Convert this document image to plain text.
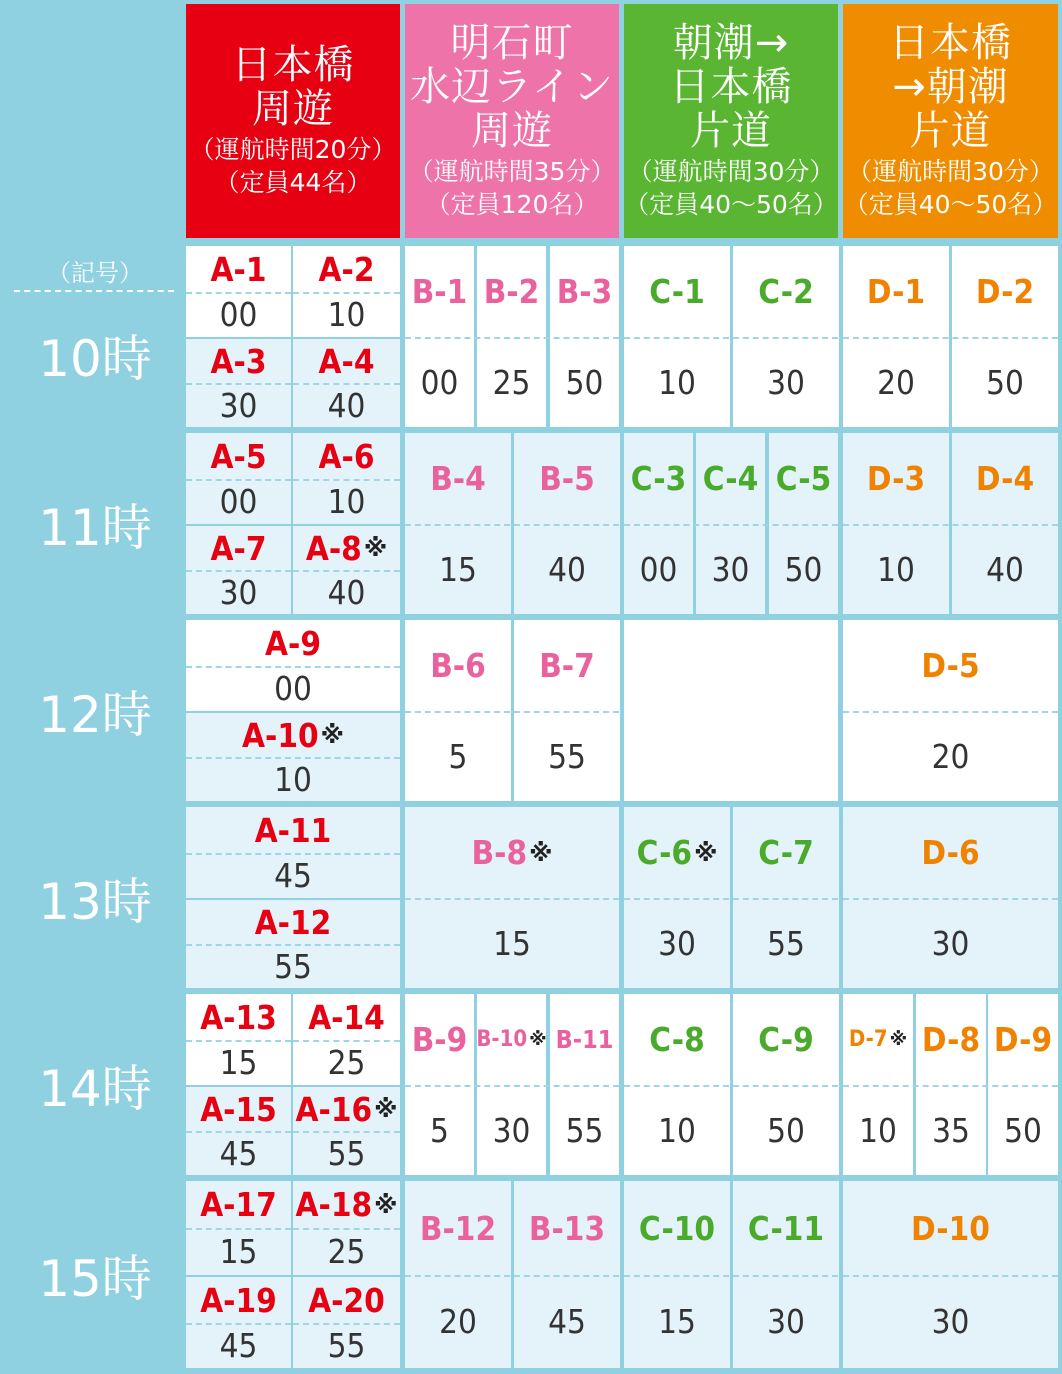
日本橋
周遊
（運航時間20分）
（定員44名）
明石町
水辺ライン
周遊
（運航時間35分）
（定員120名）
朝潮→
日本橋
片道
（運航時間30分）
（定員40〜50名）
日本橋
→朝潮
片道
（運航時間30分）
（定員40〜50名）
（記号）
10時
11時
12時
13時
14時
15時
A-1
00
A-2
10
A-3
30
A-4
40
A-5
00
A-6
10
A-7
30
A-8 ※
40
A-9
00
A-10 ※
10
A-11
45
A-12
55
A-13
15
A-14
25
A-15
45
A-16 ※
55
A-17
15
A-18 ※
25
A-19
45
A-20
55
B-1
00
B-2
25
B-3
50
B-4
15
B-5
40
B-6
5
B-7
55
B-8 ※
15
B-9
5
B-10 ※
30
B-11
55
B-12
20
B-13
45
C-1
10
C-2
30
C-3
00
C-4
30
C-5
50
C-6 ※
30
C-7
55
C-8
10
C-9
50
C-10
15
C-11
30
D-1
20
D-2
50
D-3
10
D-4
40
D-5
20
D-6
30
D-7 ※
10
D-8
35
D-9
50
D-10
30
